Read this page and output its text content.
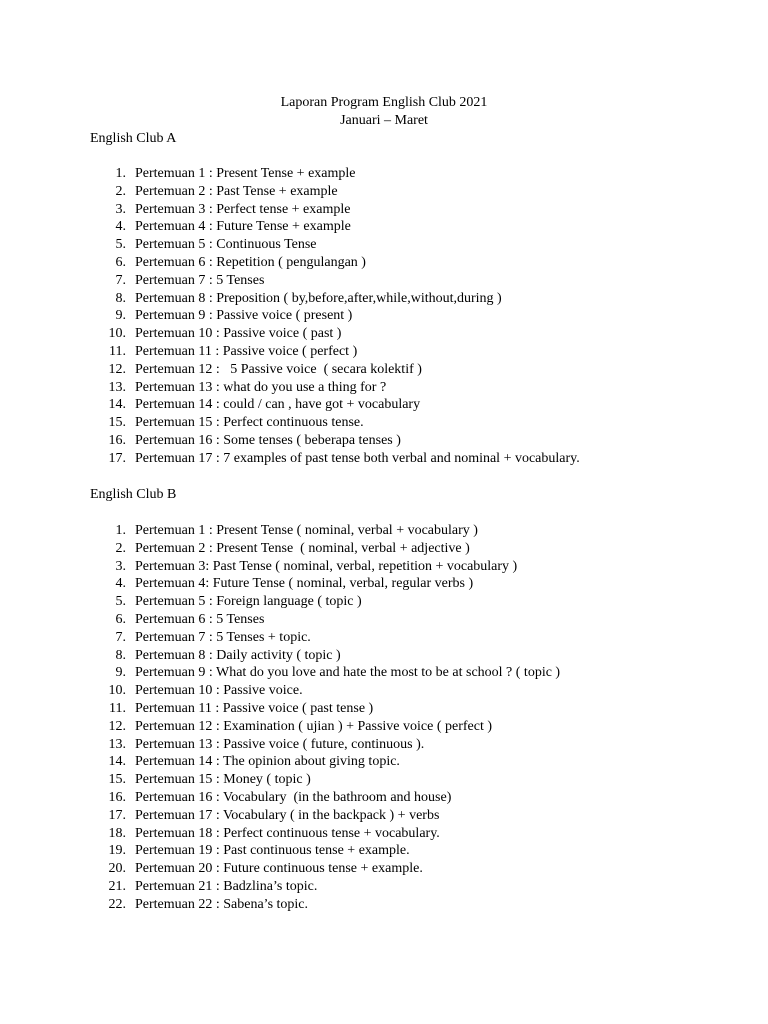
Laporan Program English Club 2021
Januari – Maret
English Club A
1. Pertemuan 1 : Present Tense + example
2. Pertemuan 2 : Past Tense + example
3. Pertemuan 3 : Perfect tense + example
4. Pertemuan 4 : Future Tense + example
5. Pertemuan 5 : Continuous Tense
6. Pertemuan 6 : Repetition ( pengulangan )
7. Pertemuan 7 : 5 Tenses
8. Pertemuan 8 : Preposition ( by,before,after,while,without,during )
9. Pertemuan 9 : Passive voice ( present )
10. Pertemuan 10 : Passive voice ( past )
11. Pertemuan 11 : Passive voice ( perfect )
12. Pertemuan 12 :   5 Passive voice  ( secara kolektif )
13. Pertemuan 13 : what do you use a thing for ?
14. Pertemuan 14 : could / can , have got + vocabulary
15. Pertemuan 15 : Perfect continuous tense.
16. Pertemuan 16 : Some tenses ( beberapa tenses )
17. Pertemuan 17 : 7 examples of past tense both verbal and nominal + vocabulary.
English Club B
1. Pertemuan 1 : Present Tense ( nominal, verbal + vocabulary )
2. Pertemuan 2 : Present Tense  ( nominal, verbal + adjective )
3. Pertemuan 3: Past Tense ( nominal, verbal, repetition + vocabulary )
4. Pertemuan 4: Future Tense ( nominal, verbal, regular verbs )
5. Pertemuan 5 : Foreign language ( topic )
6. Pertemuan 6 : 5 Tenses
7. Pertemuan 7 : 5 Tenses + topic.
8. Pertemuan 8 : Daily activity ( topic )
9. Pertemuan 9 : What do you love and hate the most to be at school ? ( topic )
10. Pertemuan 10 : Passive voice.
11. Pertemuan 11 : Passive voice ( past tense )
12. Pertemuan 12 : Examination ( ujian ) + Passive voice ( perfect )
13. Pertemuan 13 : Passive voice ( future, continuous ).
14. Pertemuan 14 : The opinion about giving topic.
15. Pertemuan 15 : Money ( topic )
16. Pertemuan 16 : Vocabulary  (in the bathroom and house)
17. Pertemuan 17 : Vocabulary ( in the backpack ) + verbs
18. Pertemuan 18 : Perfect continuous tense + vocabulary.
19. Pertemuan 19 : Past continuous tense + example.
20. Pertemuan 20 : Future continuous tense + example.
21. Pertemuan 21 : Badzlina’s topic.
22. Pertemuan 22 : Sabena’s topic.
